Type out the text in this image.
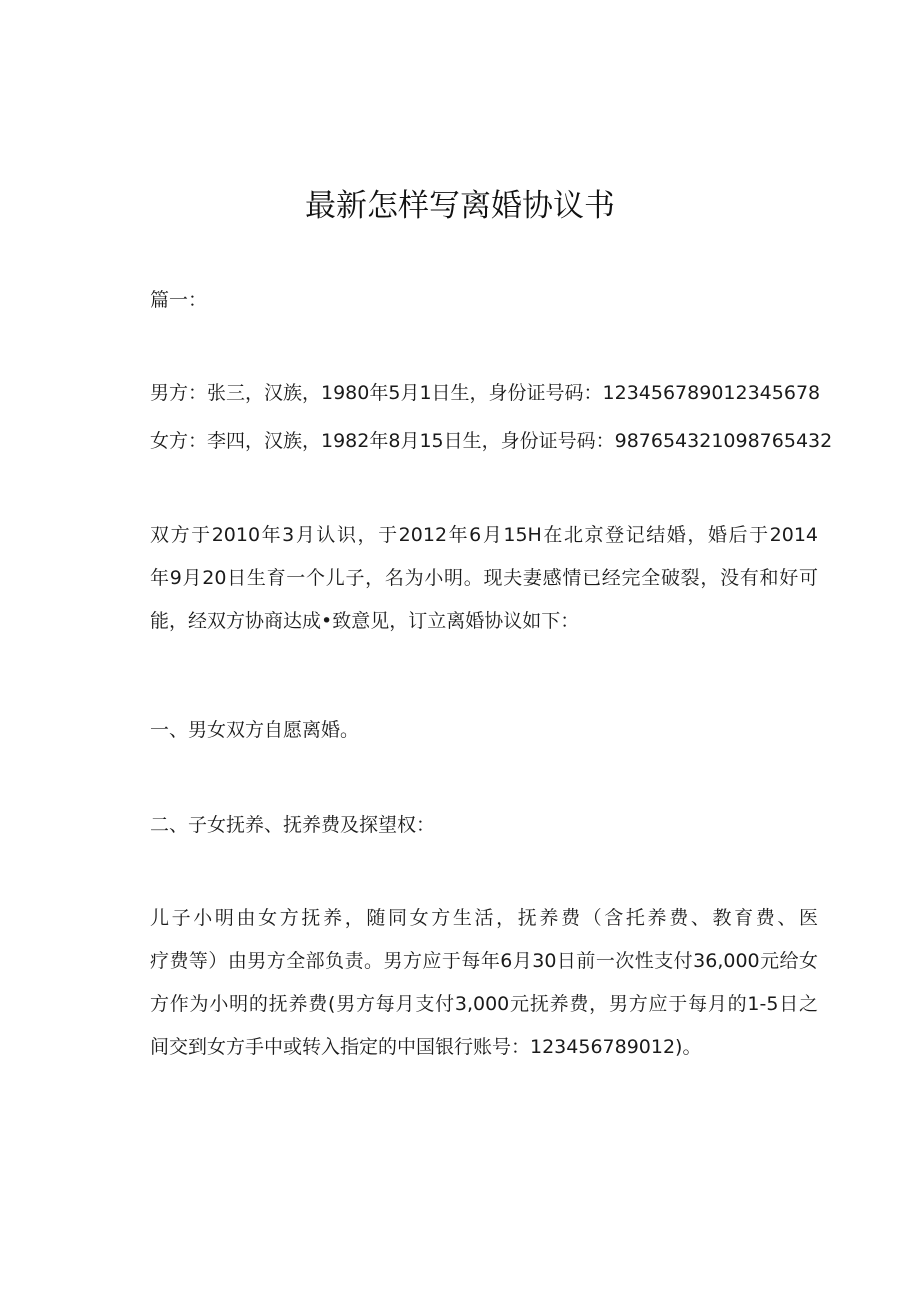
最新怎样写离婚协议书

篇一：

男方：张三，汉族，1980年5月1日生，身份证号码：123456789012345678

女方：李四，汉族，1982年8月15日生，身份证号码：987654321098765432

双方于2010年3月认识，于2012年6月15H在北京登记结婚，婚后于2014
年9月20日生育一个儿子，名为小明。现夫妻感情已经完全破裂，没有和好可
能，经双方协商达成•致意见，订立离婚协议如下：

一、男女双方自愿离婚。

二、子女抚养、抚养费及探望权：

儿子小明由女方抚养，随同女方生活，抚养费（含托养费、教育费、医
疗费等）由男方全部负责。男方应于每年6月30日前一次性支付36,000元给女
方作为小明的抚养费(男方每月支付3,000元抚养费，男方应于每月的1-5日之
间交到女方手中或转入指定的中国银行账号：123456789012)。
